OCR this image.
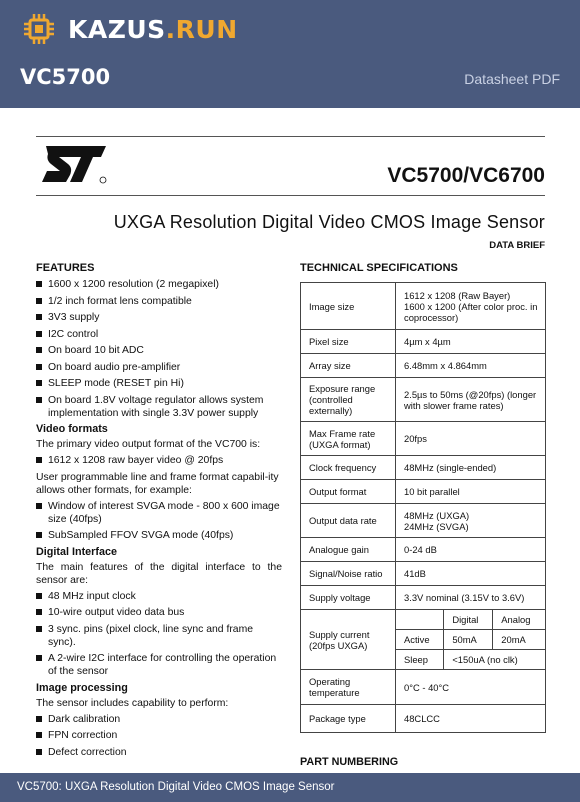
KAZUS.RUN
VC5700	Datasheet PDF
VC5700/VC6700
UXGA Resolution Digital Video CMOS Image Sensor
DATA BRIEF
FEATURES
1600 x 1200 resolution (2 megapixel)
1/2 inch format lens compatible
3V3 supply
I2C control
On board 10 bit ADC
On board audio pre-amplifier
SLEEP mode (RESET pin Hi)
On board 1.8V voltage regulator allows system implementation with single 3.3V power supply
Video formats
The primary video output format of the VC700 is:
1612 x 1208 raw bayer video @ 20fps
User programmable line and frame format capabil-ity allows other formats, for example:
Window of interest SVGA mode - 800 x 600 image size (40fps)
SubSampled FFOV SVGA mode (40fps)
Digital Interface
The main features of the digital interface to the sensor are:
48 MHz input clock
10-wire output video data bus
3 sync. pins (pixel clock, line sync and frame sync).
A 2-wire I2C interface for controlling the operation of the sensor
Image processing
The sensor includes capability to perform:
Dark calibration
FPN correction
Defect correction
TECHNICAL SPECIFICATIONS
Image size	1612 x 1208 (Raw Bayer)
1600 x 1200 (After color proc. in coprocessor)		
Pixel size	4µm x 4µm		
Array size	6.48mm x 4.864mm		
Exposure range (controlled externally)	2.5µs to 50ms (@20fps) (longer with slower frame rates)		
Max Frame rate (UXGA format)	20fps		
Clock frequency	48MHz (single-ended)		
Output format	10 bit parallel		
Output data rate	48MHz (UXGA)
24MHz (SVGA)		
Analogue gain	0-24 dB		
Signal/Noise ratio	41dB		
Supply voltage	3.3V nominal (3.15V to 3.6V)		
Supply current (20fps UXGA)		Digital	Analog
	Active	50mA	20mA
	Sleep	<150uA (no clk)	
Operating temperature	0°C - 40°C		
Package type	48CLCC		
PART NUMBERING
VC5700: UXGA Resolution Digital Video CMOS Image Sensor
